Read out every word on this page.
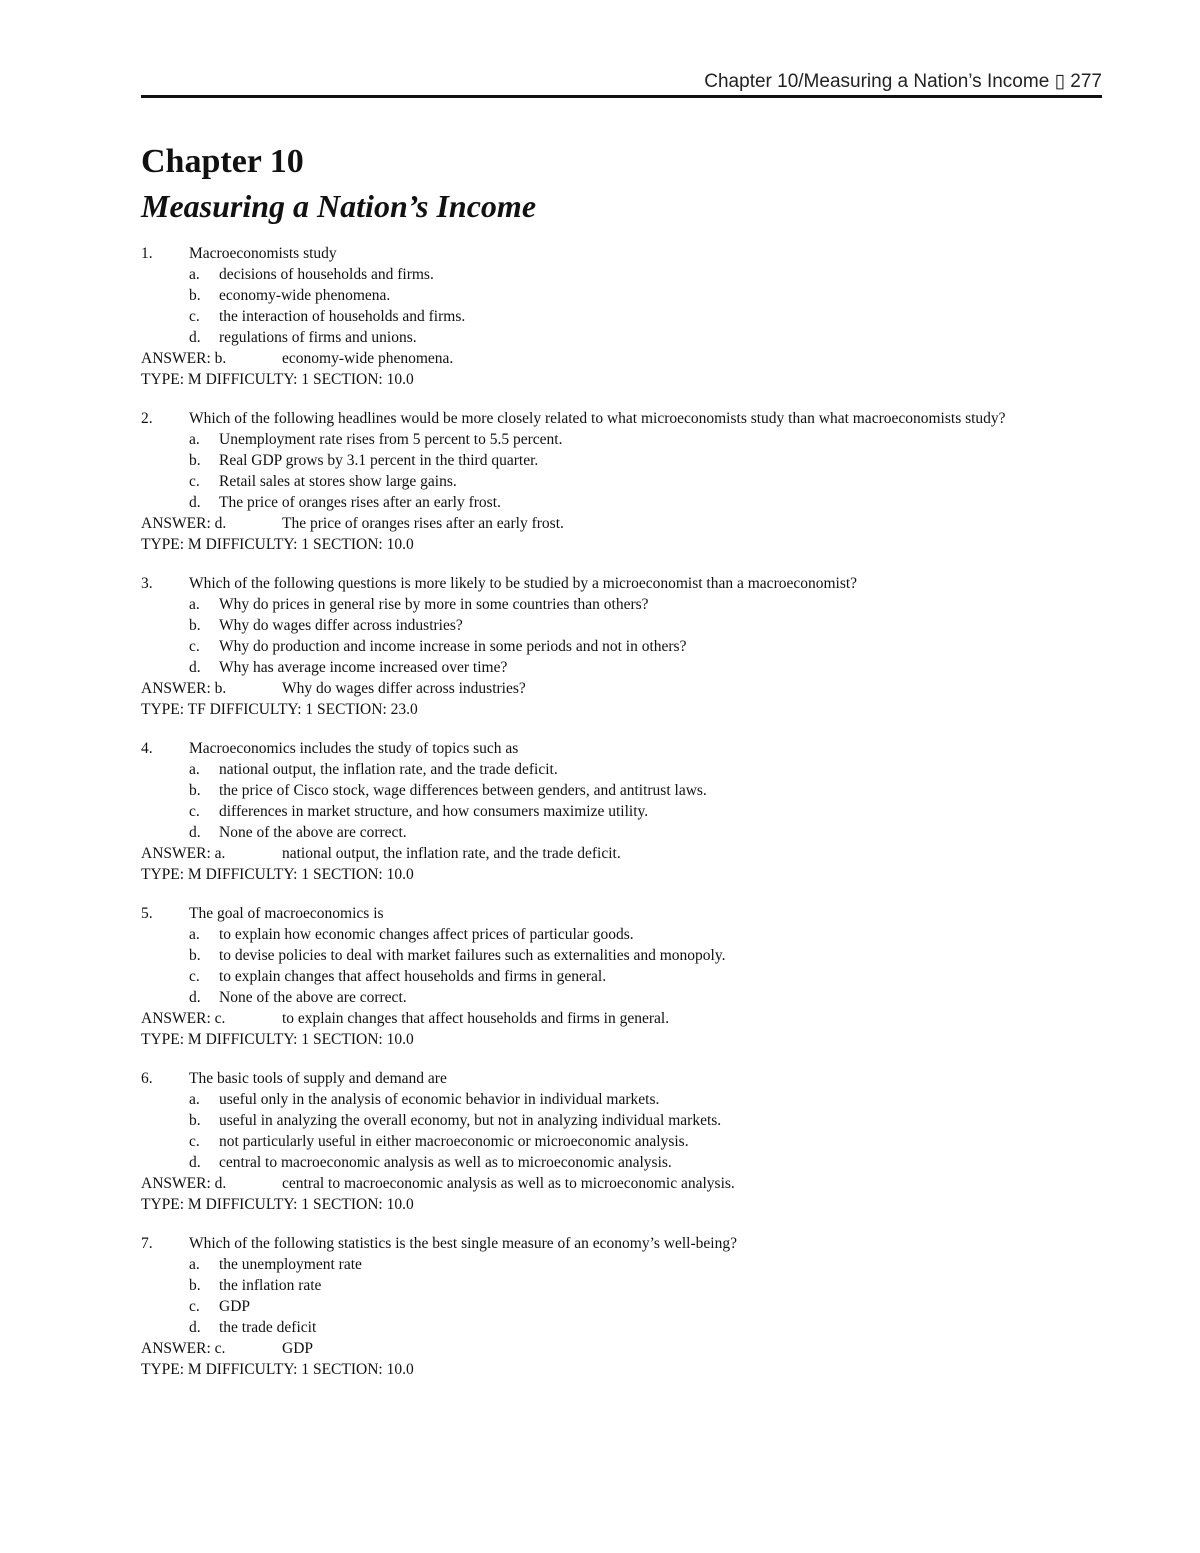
Chapter 10/Measuring a Nation’s Income ▯ 277
Chapter 10
Measuring a Nation’s Income
1. Macroeconomists study
a. decisions of households and firms.
b. economy-wide phenomena.
c. the interaction of households and firms.
d. regulations of firms and unions.
ANSWER: b.	economy-wide phenomena.
TYPE: M DIFFICULTY: 1 SECTION: 10.0
2. Which of the following headlines would be more closely related to what microeconomists study than what macroeconomists study?
a. Unemployment rate rises from 5 percent to 5.5 percent.
b. Real GDP grows by 3.1 percent in the third quarter.
c. Retail sales at stores show large gains.
d. The price of oranges rises after an early frost.
ANSWER: d.	The price of oranges rises after an early frost.
TYPE: M DIFFICULTY: 1 SECTION: 10.0
3. Which of the following questions is more likely to be studied by a microeconomist than a macroeconomist?
a. Why do prices in general rise by more in some countries than others?
b. Why do wages differ across industries?
c. Why do production and income increase in some periods and not in others?
d. Why has average income increased over time?
ANSWER: b.	Why do wages differ across industries?
TYPE: TF DIFFICULTY: 1 SECTION: 23.0
4. Macroeconomics includes the study of topics such as
a. national output, the inflation rate, and the trade deficit.
b. the price of Cisco stock, wage differences between genders, and antitrust laws.
c. differences in market structure, and how consumers maximize utility.
d. None of the above are correct.
ANSWER: a.	national output, the inflation rate, and the trade deficit.
TYPE: M DIFFICULTY: 1 SECTION: 10.0
5. The goal of macroeconomics is
a. to explain how economic changes affect prices of particular goods.
b. to devise policies to deal with market failures such as externalities and monopoly.
c. to explain changes that affect households and firms in general.
d. None of the above are correct.
ANSWER: c.	to explain changes that affect households and firms in general.
TYPE: M DIFFICULTY: 1 SECTION: 10.0
6. The basic tools of supply and demand are
a. useful only in the analysis of economic behavior in individual markets.
b. useful in analyzing the overall economy, but not in analyzing individual markets.
c. not particularly useful in either macroeconomic or microeconomic analysis.
d. central to macroeconomic analysis as well as to microeconomic analysis.
ANSWER: d.	central to macroeconomic analysis as well as to microeconomic analysis.
TYPE: M DIFFICULTY: 1 SECTION: 10.0
7. Which of the following statistics is the best single measure of an economy’s well-being?
a. the unemployment rate
b. the inflation rate
c. GDP
d. the trade deficit
ANSWER: c.	GDP
TYPE: M DIFFICULTY: 1 SECTION: 10.0
